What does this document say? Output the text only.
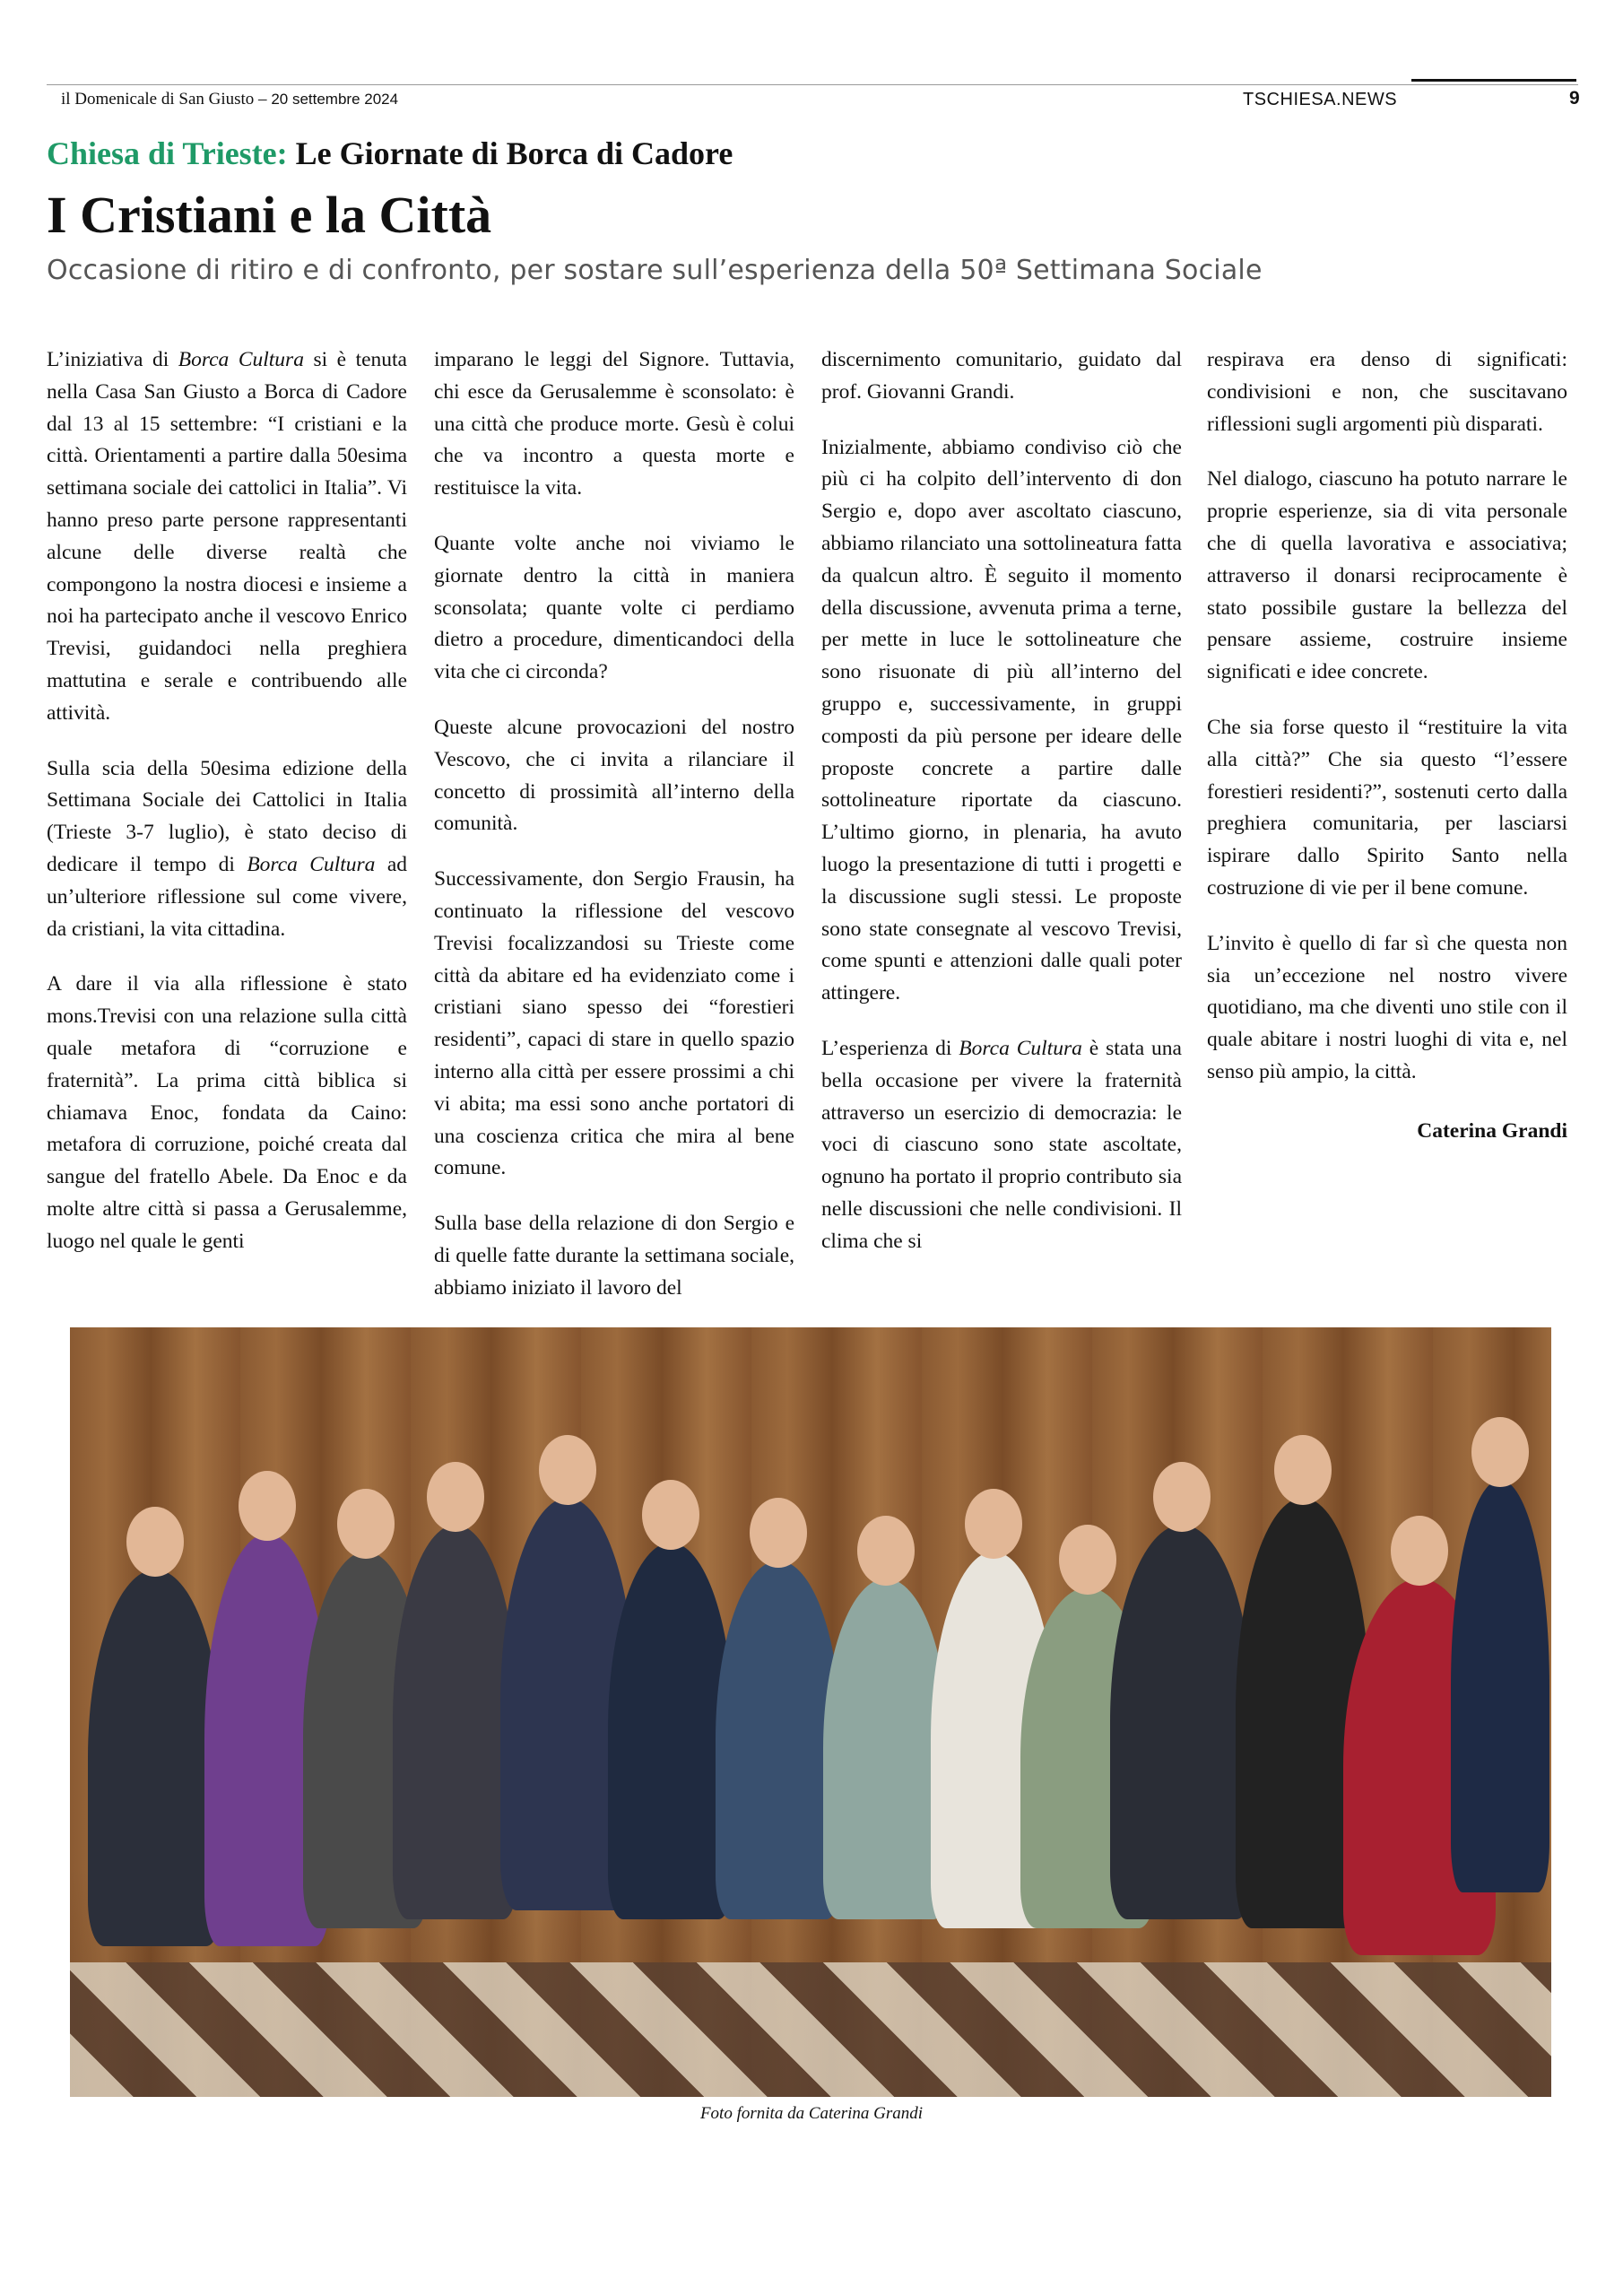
il Domenicale di San Giusto – 20 settembre 2024	TSCHIESA.NEWS	9
Chiesa di Trieste: Le Giornate di Borca di Cadore
I Cristiani e la Città
Occasione di ritiro e di confronto, per sostare sull’esperienza della 50ª Settimana Sociale

L’iniziativa di Borca Cultura si è tenuta nella Casa San Giusto a Borca di Cadore dal 13 al 15 settembre: “I cristiani e la città. Orientamenti a partire dalla 50esima settimana sociale dei cattolici in Italia”. Vi hanno preso parte persone rappresentanti alcune delle diverse realtà che compongono la nostra diocesi e insieme a noi ha partecipato anche il vescovo Enrico Trevisi, guidandoci nella preghiera mattutina e serale e contribuendo alle attività.

Sulla scia della 50esima edizione della Settimana Sociale dei Cattolici in Italia (Trieste 3-7 luglio), è stato deciso di dedicare il tempo di Borca Cultura ad un’ulteriore riflessione sul come vivere, da cristiani, la vita cittadina.

A dare il via alla riflessione è stato mons.Trevisi con una relazione sulla città quale metafora di “corruzione e fraternità”. La prima città biblica si chiamava Enoc, fondata da Caino: metafora di corruzione, poiché creata dal sangue del fratello Abele. Da Enoc e da molte altre città si passa a Gerusalemme, luogo nel quale le genti

imparano le leggi del Signore. Tuttavia, chi esce da Gerusalemme è sconsolato: è una città che produce morte. Gesù è colui che va incontro a questa morte e restituisce la vita.

Quante volte anche noi viviamo le giornate dentro la città in maniera sconsolata; quante volte ci perdiamo dietro a procedure, dimenticandoci della vita che ci circonda?

Queste alcune provocazioni del nostro Vescovo, che ci invita a rilanciare il concetto di prossimità all’interno della comunità.

Successivamente, don Sergio Frausin, ha continuato la riflessione del vescovo Trevisi focalizzandosi su Trieste come città da abitare ed ha evidenziato come i cristiani siano spesso dei “forestieri residenti”, capaci di stare in quello spazio interno alla città per essere prossimi a chi vi abita; ma essi sono anche portatori di una coscienza critica che mira al bene comune.

Sulla base della relazione di don Sergio e di quelle fatte durante la settimana sociale, abbiamo iniziato il lavoro del

discernimento comunitario, guidato dal prof. Giovanni Grandi.

Inizialmente, abbiamo condiviso ciò che più ci ha colpito dell’intervento di don Sergio e, dopo aver ascoltato ciascuno, abbiamo rilanciato una sottolineatura fatta da qualcun altro. È seguito il momento della discussione, avvenuta prima a terne, per mette in luce le sottolineature che sono risuonate di più all’interno del gruppo e, successivamente, in gruppi composti da più persone per ideare delle proposte concrete a partire dalle sottolineature riportate da ciascuno. L’ultimo giorno, in plenaria, ha avuto luogo la presentazione di tutti i progetti e la discussione sugli stessi. Le proposte sono state consegnate al vescovo Trevisi, come spunti e attenzioni dalle quali poter attingere.

L’esperienza di Borca Cultura è stata una bella occasione per vivere la fraternità attraverso un esercizio di democrazia: le voci di ciascuno sono state ascoltate, ognuno ha portato il proprio contributo sia nelle discussioni che nelle condivisioni. Il clima che si

respirava era denso di significati: condivisioni e non, che suscitavano riflessioni sugli argomenti più disparati.

Nel dialogo, ciascuno ha potuto narrare le proprie esperienze, sia di vita personale che di quella lavorativa e associativa; attraverso il donarsi reciprocamente è stato possibile gustare la bellezza del pensare assieme, costruire insieme significati e idee concrete.

Che sia forse questo il “restituire la vita alla città?” Che sia questo “l’essere forestieri residenti?”, sostenuti certo dalla preghiera comunitaria, per lasciarsi ispirare dallo Spirito Santo nella costruzione di vie per il bene comune.

L’invito è quello di far sì che questa non sia un’eccezione nel nostro vivere quotidiano, ma che diventi uno stile con il quale abitare i nostri luoghi di vita e, nel senso più ampio, la città.

Caterina Grandi

Foto fornita da Caterina Grandi
